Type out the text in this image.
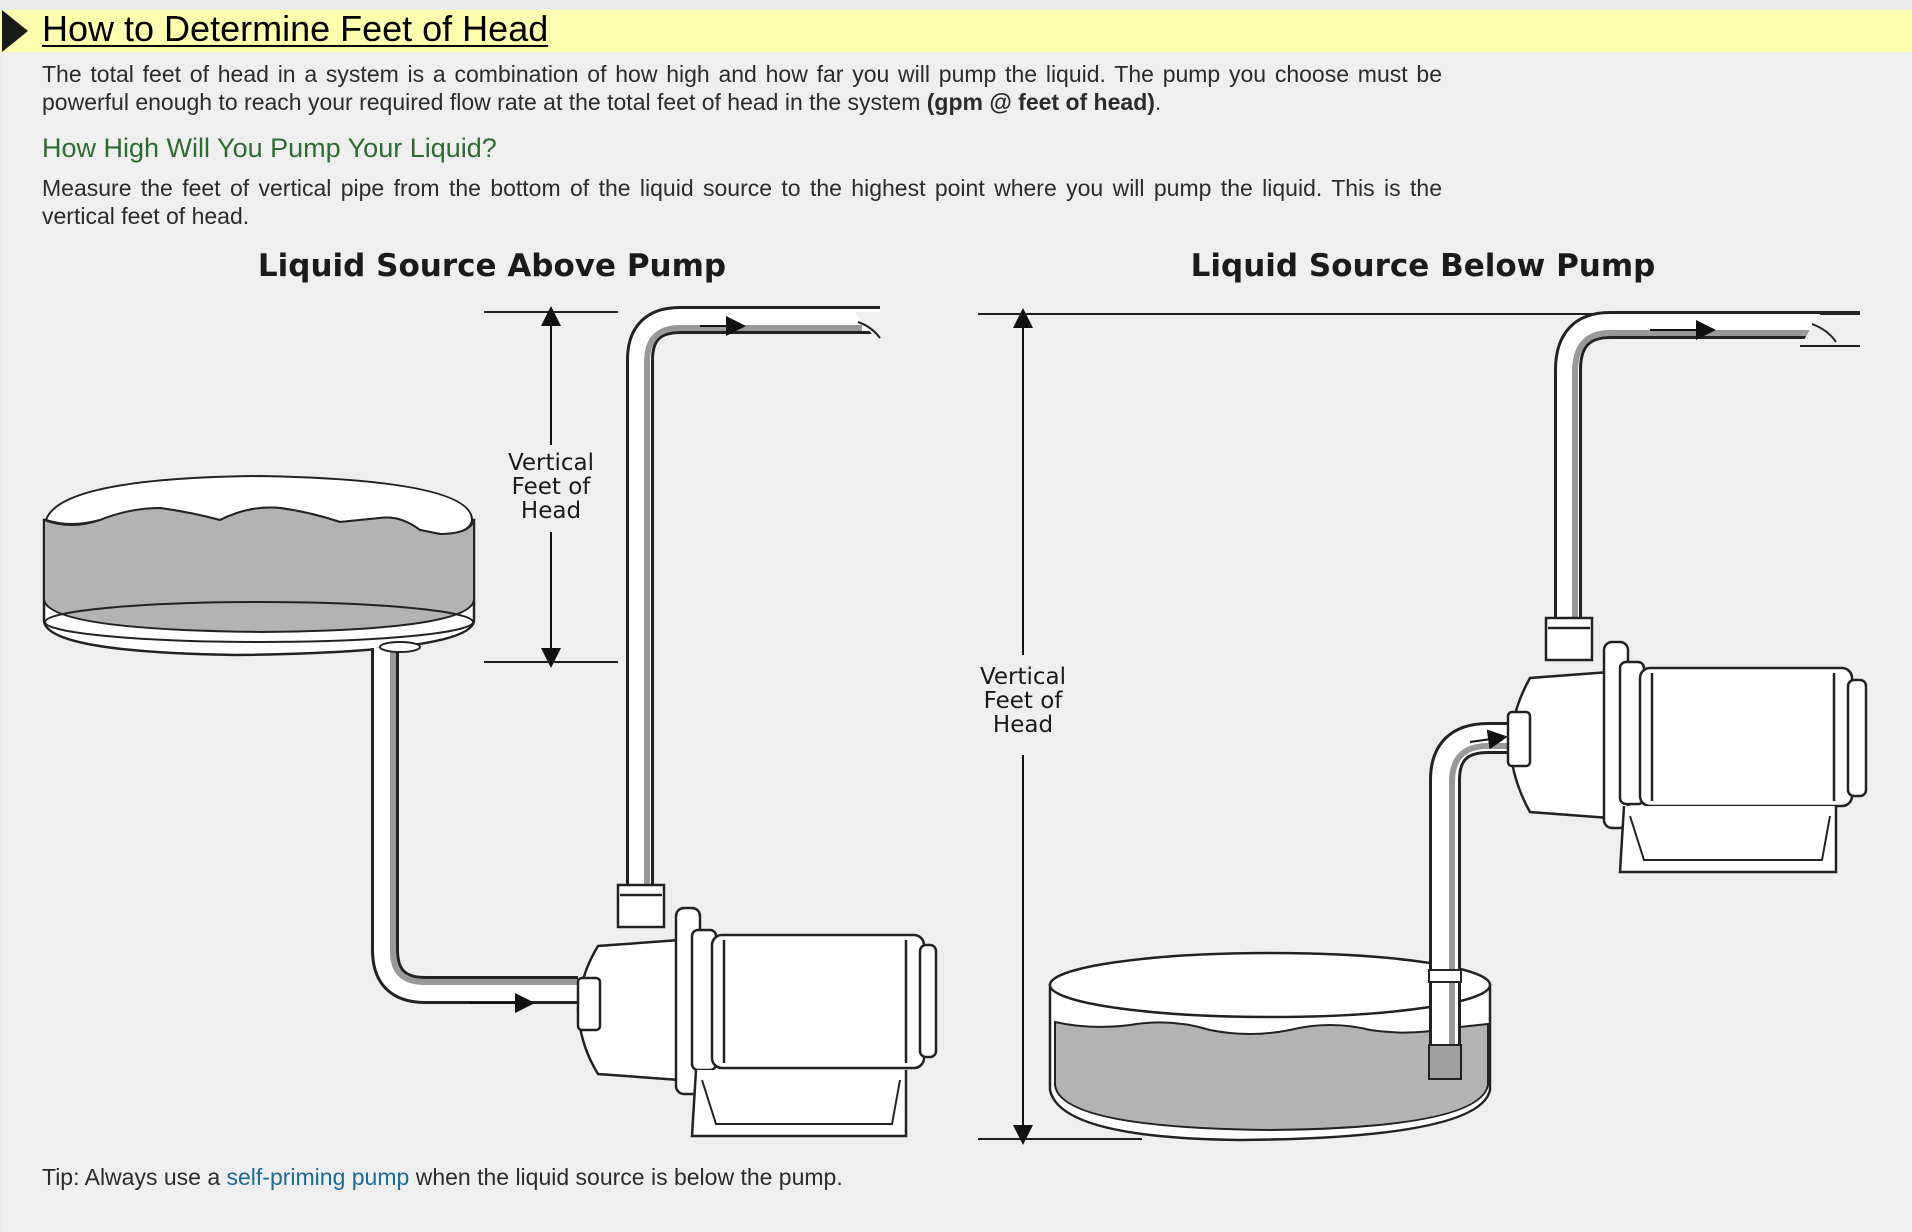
How to Determine Feet of Head

The total feet of head in a system is a combination of how high and how far you will pump the liquid. The pump you choose must be powerful enough to reach your required flow rate at the total feet of head in the system (gpm @ feet of head).

How High Will You Pump Your Liquid?

Measure the feet of vertical pipe from the bottom of the liquid source to the highest point where you will pump the liquid. This is the vertical feet of head.

Liquid Source Above Pump	Liquid Source Below Pump
Vertical
Feet of
Head
Vertical
Feet of
Head

Tip: Always use a self-priming pump when the liquid source is below the pump.
